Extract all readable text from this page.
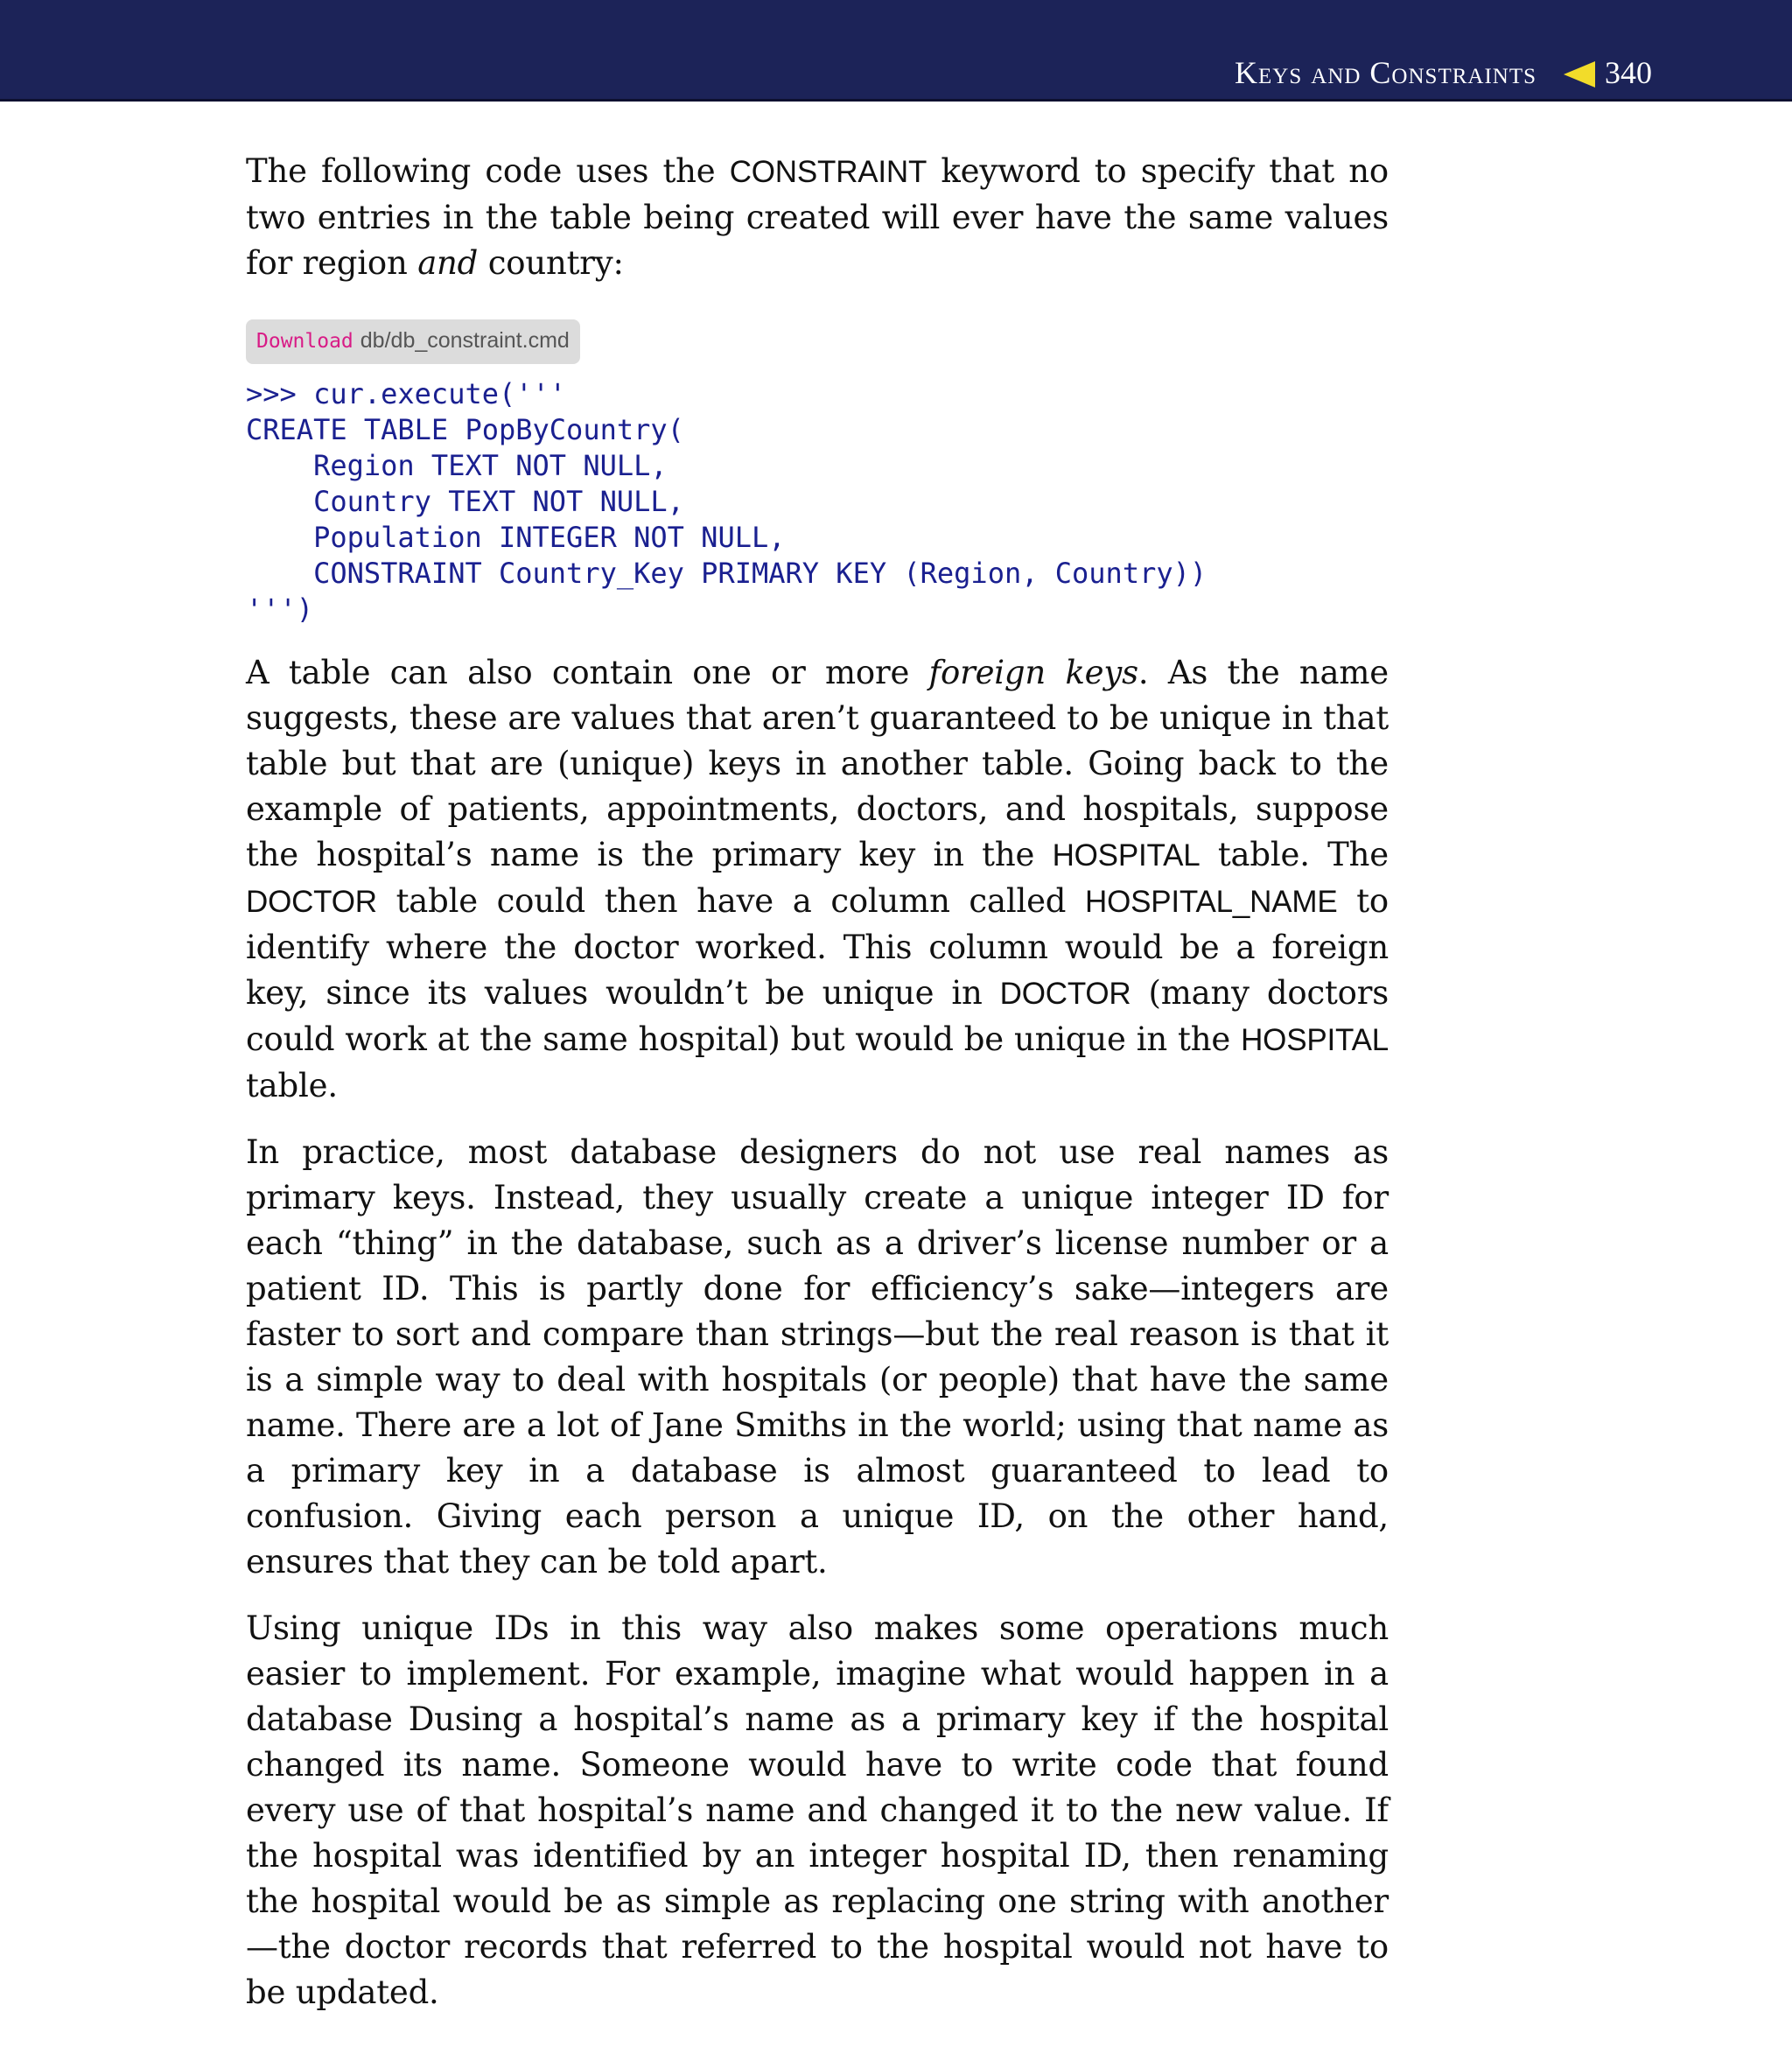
Keys and Constraints 340

The following code uses the CONSTRAINT keyword to specify that no two entries in the table being created will ever have the same values for region and country:

Download db/db_constraint.cmd
>>> cur.execute('''
CREATE TABLE PopByCountry(
Region TEXT NOT NULL,
Country TEXT NOT NULL,
Population INTEGER NOT NULL,
CONSTRAINT Country_Key PRIMARY KEY (Region, Country))
''')

A table can also contain one or more foreign keys. As the name suggests, these are values that aren’t guaranteed to be unique in that table but that are (unique) keys in another table. Going back to the example of patients, appointments, doctors, and hospitals, suppose the hospital’s name is the primary key in the HOSPITAL table. The DOCTOR table could then have a column called HOSPITAL_NAME to identify where the doctor worked. This column would be a foreign key, since its values wouldn’t be unique in DOCTOR (many doctors could work at the same hospital) but would be unique in the HOSPITAL table.

In practice, most database designers do not use real names as primary keys. Instead, they usually create a unique integer ID for each “thing” in the database, such as a driver’s license number or a patient ID. This is partly done for efficiency’s sake—integers are faster to sort and compare than strings—but the real reason is that it is a simple way to deal with hospitals (or people) that have the same name. There are a lot of Jane Smiths in the world; using that name as a primary key in a database is almost guaranteed to lead to confusion. Giving each person a unique ID, on the other hand, ensures that they can be told apart.

Using unique IDs in this way also makes some operations much easier to implement. For example, imagine what would happen in a database Dusing a hospital’s name as a primary key if the hospital changed its name. Someone would have to write code that found every use of that hospital’s name and changed it to the new value. If the hospital was identified by an integer hospital ID, then renaming the hospital would be as simple as replacing one string with another—the doctor records that referred to the hospital would not have to be updated.
